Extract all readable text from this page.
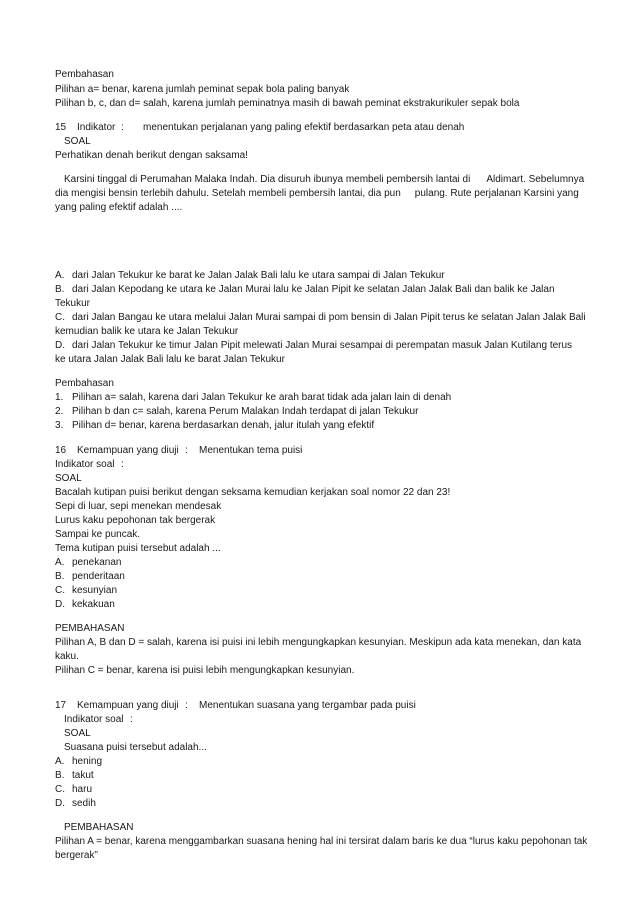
Pembahasan
Pilihan a= benar, karena jumlah peminat sepak bola paling banyak
Pilihan b, c, dan d= salah, karena jumlah peminatnya masih di bawah peminat ekstrakurikuler sepak bola
15 Indikator : menentukan perjalanan yang paling efektif berdasarkan peta atau denah
SOAL
Perhatikan denah berikut dengan saksama!
Karsini tinggal di Perumahan Malaka Indah. Dia disuruh ibunya membeli pembersih lantai di Aldimart. Sebelumnya
dia mengisi bensin terlebih dahulu. Setelah membeli pembersih lantai, dia pun pulang. Rute perjalanan Karsini yang
yang paling efektif adalah ....
A. dari Jalan Tekukur ke barat ke Jalan Jalak Bali lalu ke utara sampai di Jalan Tekukur
B. dari Jalan Kepodang ke utara ke Jalan Murai lalu ke Jalan Pipit ke selatan Jalan Jalak Bali dan balik ke Jalan
Tekukur
C. dari Jalan Bangau ke utara melalui Jalan Murai sampai di pom bensin di Jalan Pipit terus ke selatan Jalan Jalak Bali
kemudian balik ke utara ke Jalan Tekukur
D. dari Jalan Tekukur ke timur Jalan Pipit melewati Jalan Murai sesampai di perempatan masuk Jalan Kutilang terus
ke utara Jalan Jalak Bali lalu ke barat Jalan Tekukur
Pembahasan
1. Pilihan a= salah, karena dari Jalan Tekukur ke arah barat tidak ada jalan lain di denah
2. Pilihan b dan c= salah, karena Perum Malakan Indah terdapat di jalan Tekukur
3. Pilihan d= benar, karena berdasarkan denah, jalur itulah yang efektif
16 Kemampuan yang diuji : Menentukan tema puisi
Indikator soal :
SOAL
Bacalah kutipan puisi berikut dengan seksama kemudian kerjakan soal nomor 22 dan 23!
Sepi di luar, sepi menekan mendesak
Lurus kaku pepohonan tak bergerak
Sampai ke puncak.
Tema kutipan puisi tersebut adalah ...
A. penekanan
B. penderitaan
C. kesunyian
D. kekakuan
PEMBAHASAN
Pilihan A, B dan D = salah, karena isi puisi ini lebih mengungkapkan kesunyian. Meskipun ada kata menekan, dan kata
kaku.
Pilihan C = benar, karena isi puisi lebih mengungkapkan kesunyian.
17 Kemampuan yang diuji : Menentukan suasana yang tergambar pada puisi
Indikator soal :
SOAL
Suasana puisi tersebut adalah...
A. hening
B. takut
C. haru
D. sedih
PEMBAHASAN
Pilihan A = benar, karena menggambarkan suasana hening hal ini tersirat dalam baris ke dua “lurus kaku pepohonan tak
bergerak”
